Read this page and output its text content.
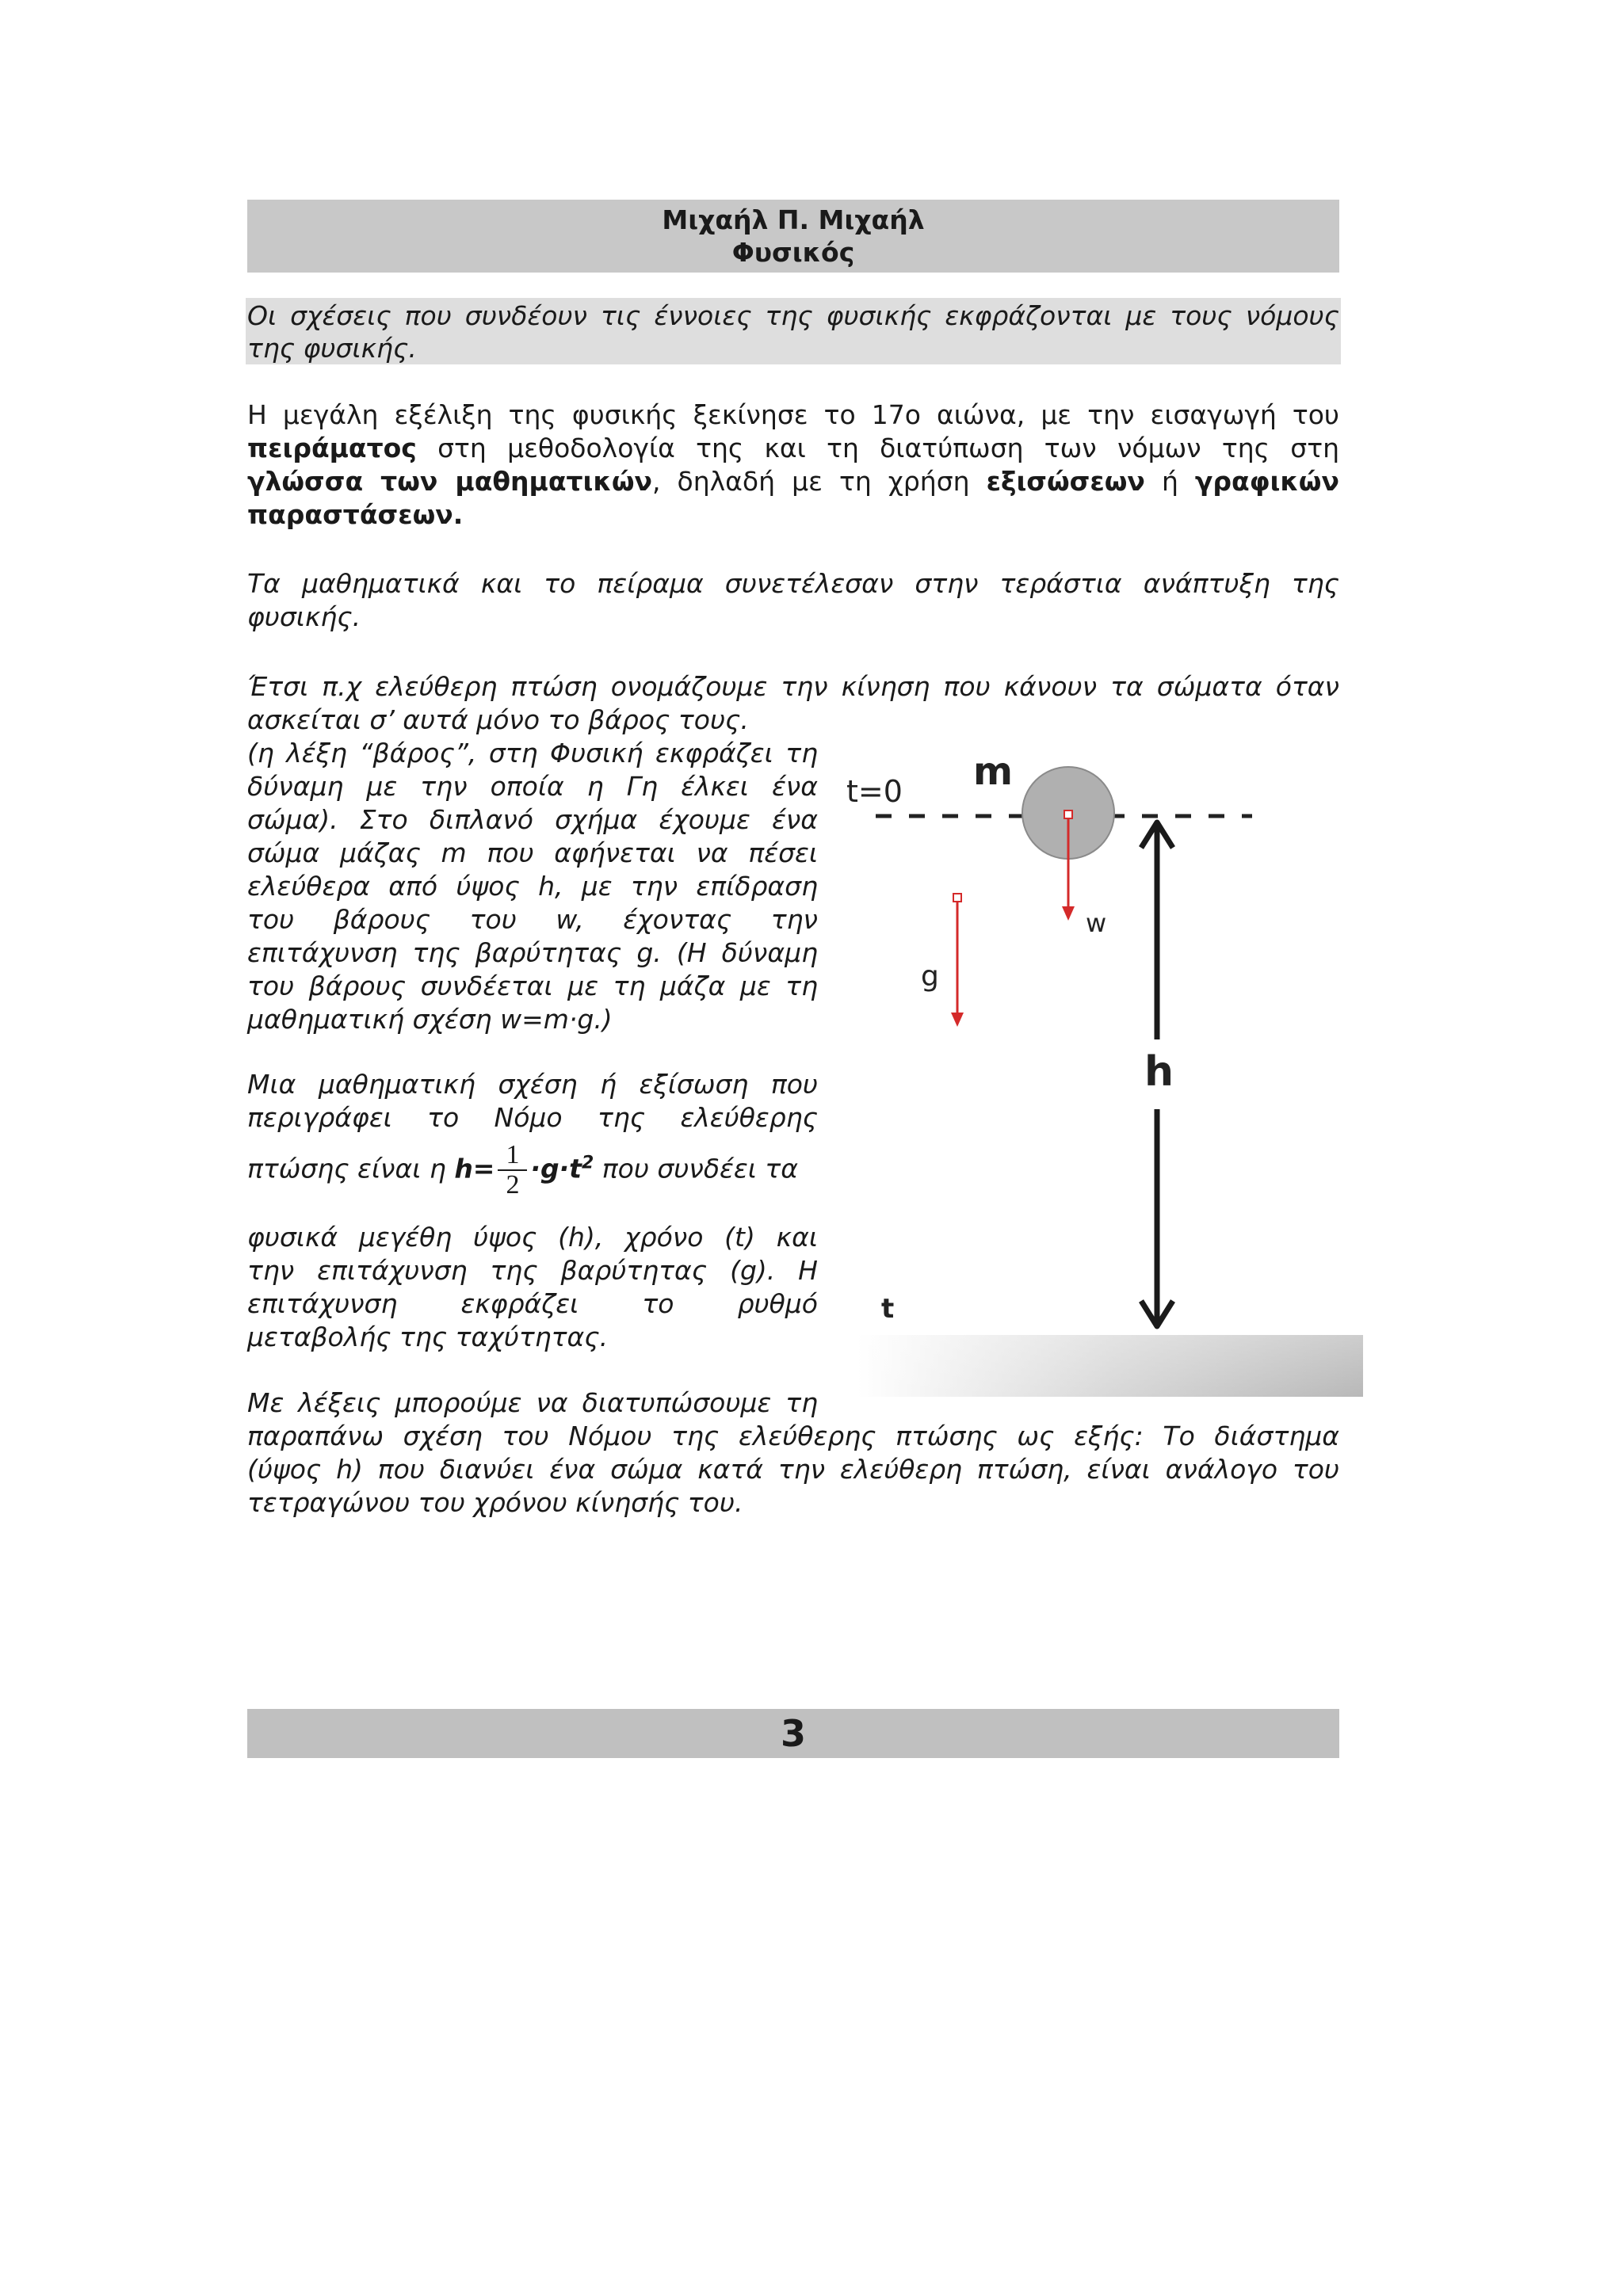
Μιχαήλ Π. Μιχαήλ
Φυσικός
Οι σχέσεις που συνδέουν τις έννοιες της φυσικής εκφράζονται με τους νόμους
της φυσικής.
Η μεγάλη εξέλιξη της φυσικής ξεκίνησε το 17ο αιώνα, με την εισαγωγή του
πειράματος στη μεθοδολογία της και τη διατύπωση των νόμων της στη
γλώσσα των μαθηματικών, δηλαδή με τη χρήση εξισώσεων ή γραφικών
παραστάσεων.
Τα μαθηματικά και το πείραμα συνετέλεσαν στην τεράστια ανάπτυξη της
φυσικής.
Έτσι π.χ ελεύθερη πτώση ονομάζουμε την κίνηση που κάνουν τα σώματα όταν
ασκείται σ’ αυτά μόνο το βάρος τους.
(η λέξη “βάρος”, στη Φυσική εκφράζει τη
δύναμη με την οποία η Γη έλκει ένα
σώμα). Στο διπλανό σχήμα έχουμε ένα
σώμα μάζας m που αφήνεται να πέσει
ελεύθερα από ύψος h, με την επίδραση
του βάρους του w, έχοντας την
επιτάχυνση της βαρύτητας g. (Η δύναμη
του βάρους συνδέεται με τη μάζα με τη
μαθηματική σχέση w=m·g.)
Μια μαθηματική σχέση ή εξίσωση που
περιγράφει το Νόμο της ελεύθερης
πτώσης είναι η $h= \frac{1}{2} \cdot g\cdot t^2$ που συνδέει τα
φυσικά μεγέθη ύψος (h), χρόνο (t) και
την επιτάχυνση της βαρύτητας (g). Η
επιτάχυνση εκφράζει το ρυθμό
μεταβολής της ταχύτητας.
Με λέξεις μπορούμε να διατυπώσουμε τη
παραπάνω σχέση του Νόμου της ελεύθερης πτώσης ως εξής: Το διάστημα
(ύψος h) που διανύει ένα σώμα κατά την ελεύθερη πτώση, είναι ανάλογο του
τετραγώνου του χρόνου κίνησής του.
t=0 m
w
g
h
t
3
